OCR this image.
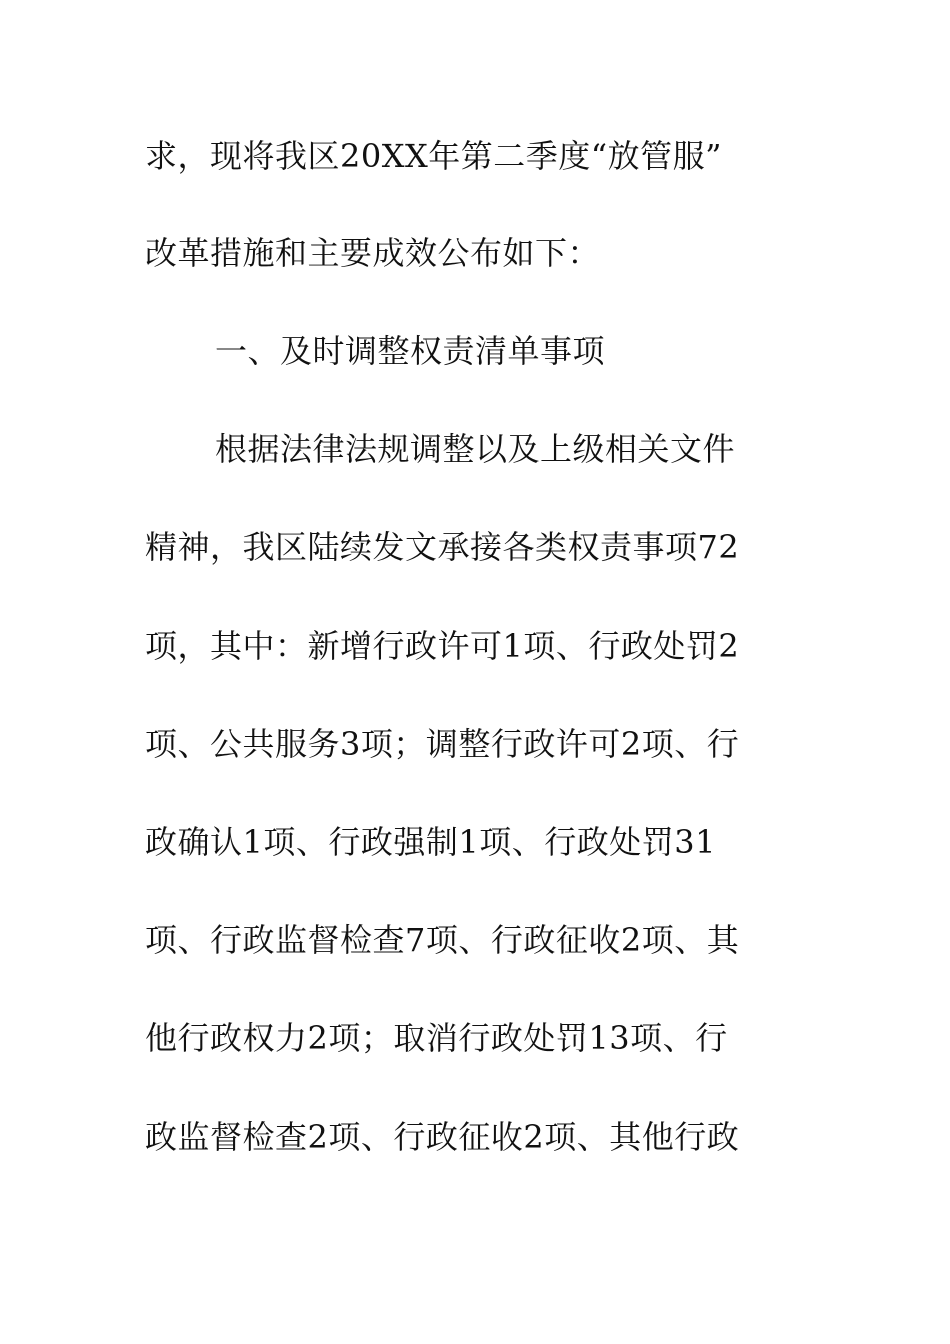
求，现将我区20XX年第二季度“放管服”
改革措施和主要成效公布如下：
一、及时调整权责清单事项
根据法律法规调整以及上级相关文件
精神，我区陆续发文承接各类权责事项72
项，其中：新增行政许可1项、行政处罚2
项、公共服务3项；调整行政许可2项、行
政确认1项、行政强制1项、行政处罚31
项、行政监督检查7项、行政征收2项、其
他行政权力2项；取消行政处罚13项、行
政监督检查2项、行政征收2项、其他行政
